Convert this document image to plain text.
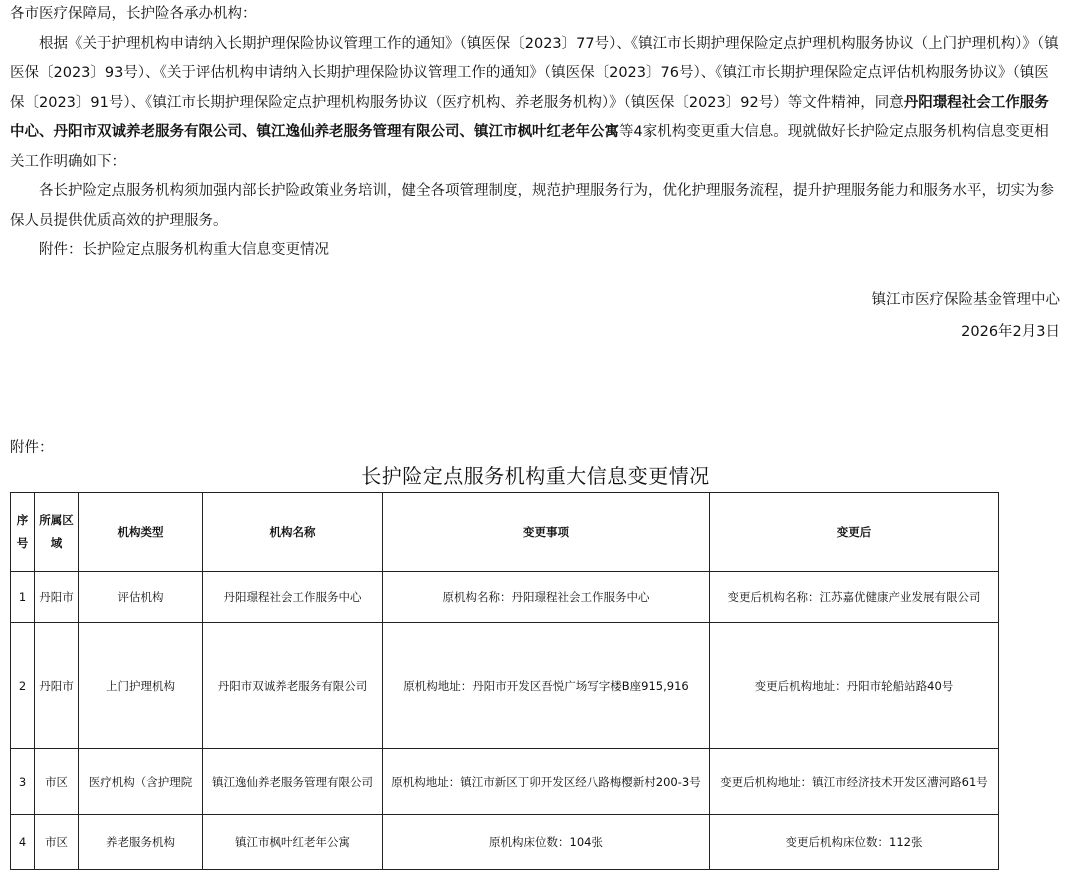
各市医疗保障局，长护险各承办机构：

根据《关于护理机构申请纳入长期护理保险协议管理工作的通知》（镇医保〔2023〕77号）、《镇江市长期护理保险定点护理机构服务协议（上门护理机构）》（镇医保〔2023〕93号）、《关于评估机构申请纳入长期护理保险协议管理工作的通知》（镇医保〔2023〕76号）、《镇江市长期护理保险定点评估机构服务协议》（镇医保〔2023〕91号）、《镇江市长期护理保险定点护理机构服务协议（医疗机构、养老服务机构）》（镇医保〔2023〕92号）等文件精神，同意丹阳璟程社会工作服务中心、丹阳市双诚养老服务有限公司、镇江逸仙养老服务管理有限公司、镇江市枫叶红老年公寓等4家机构变更重大信息。现就做好长护险定点服务机构信息变更相关工作明确如下：

各长护险定点服务机构须加强内部长护险政策业务培训，健全各项管理制度，规范护理服务行为，优化护理服务流程，提升护理服务能力和服务水平，切实为参保人员提供优质高效的护理服务。

附件：长护险定点服务机构重大信息变更情况

镇江市医疗保险基金管理中心
2026年2月3日
附件：
长护险定点服务机构重大信息变更情况
序号	所属区域	机构类型	机构名称	变更事项	变更后
1	丹阳市	评估机构	丹阳璟程社会工作服务中心	原机构名称：丹阳璟程社会工作服务中心	变更后机构名称：江苏嘉优健康产业发展有限公司
2	丹阳市	上门护理机构	丹阳市双诚养老服务有限公司	原机构地址：丹阳市开发区吾悦广场写字楼B座915,916	变更后机构地址：丹阳市轮船站路40号
3	市区	医疗机构（含护理院	镇江逸仙养老服务管理有限公司	原机构地址：镇江市新区丁卯开发区经八路梅樱新村200-3号	变更后机构地址：镇江市经济技术开发区漕河路61号
4	市区	养老服务机构	镇江市枫叶红老年公寓	原机构床位数：104张	变更后机构床位数：112张
